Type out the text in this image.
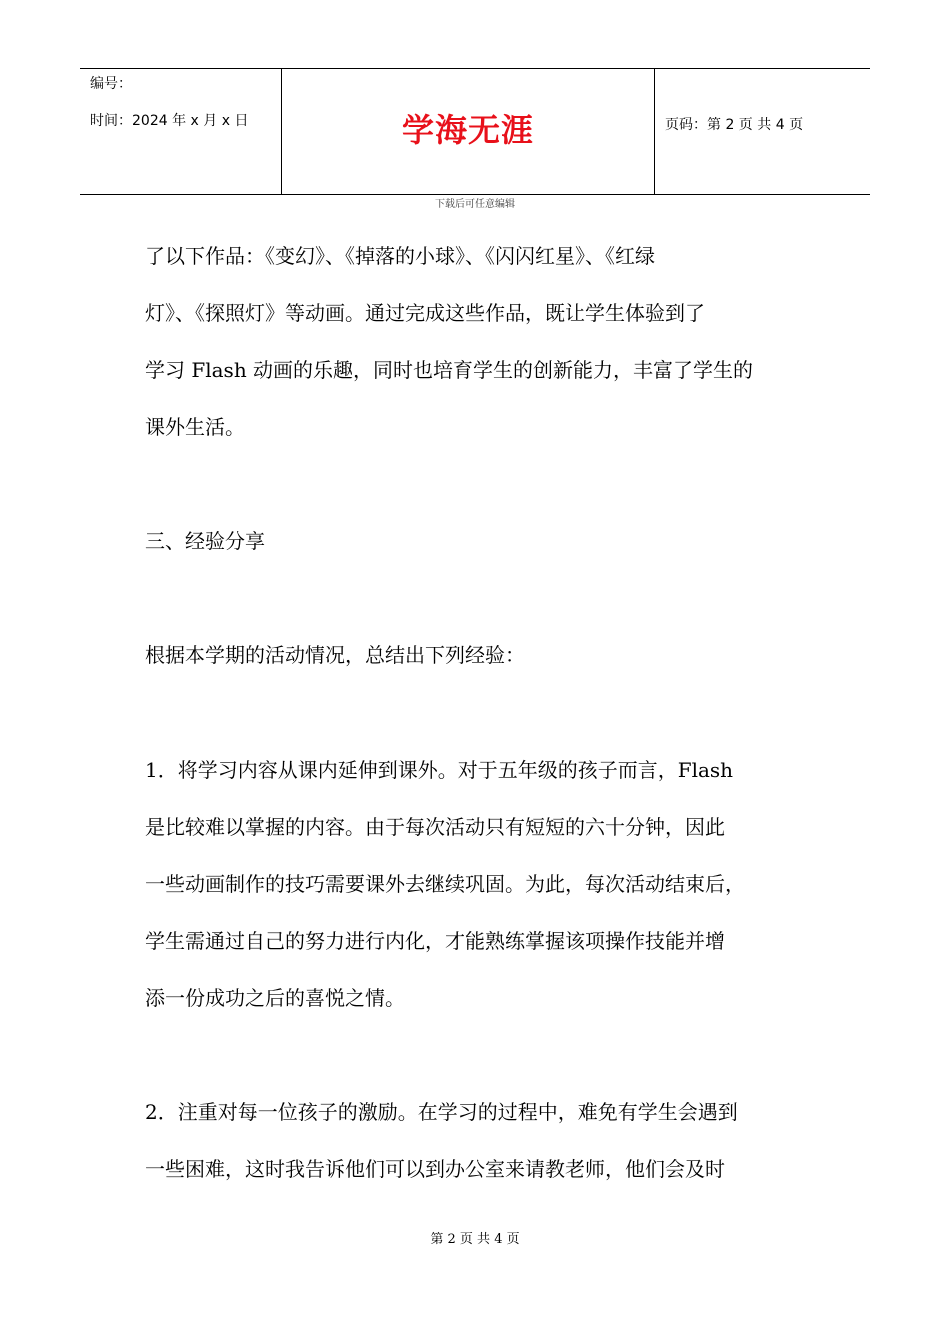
编号：
时间：2024 年 x 月 x 日	学海无涯	页码：第 2 页 共 4 页
下载后可任意编辑
了以下作品：《变幻》、《掉落的小球》、《闪闪红星》、《红绿
灯》、《探照灯》等动画。通过完成这些作品，既让学生体验到了
学习 Flash 动画的乐趣，同时也培育学生的创新能力，丰富了学生的
课外生活。
三、经验分享
根据本学期的活动情况，总结出下列经验：
1．将学习内容从课内延伸到课外。对于五年级的孩子而言，Flash
是比较难以掌握的内容。由于每次活动只有短短的六十分钟，因此
一些动画制作的技巧需要课外去继续巩固。为此，每次活动结束后，
学生需通过自己的努力进行内化，才能熟练掌握该项操作技能并增
添一份成功之后的喜悦之情。
2．注重对每一位孩子的激励。在学习的过程中，难免有学生会遇到
一些困难，这时我告诉他们可以到办公室来请教老师，他们会及时
第 2 页 共 4 页
